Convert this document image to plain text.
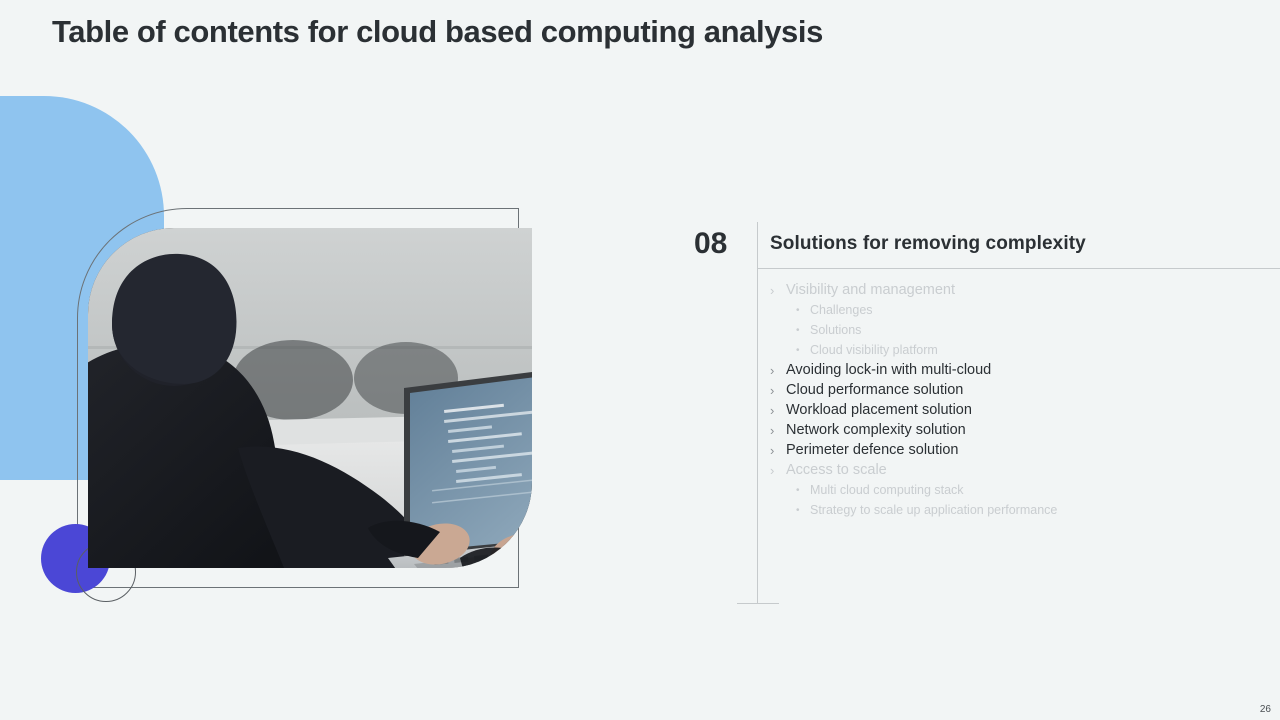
Table of contents for cloud based computing analysis
08 Solutions for removing complexity
› Visibility and management
• Challenges
• Solutions
• Cloud visibility platform
› Avoiding lock-in with multi-cloud
› Cloud performance solution
› Workload placement solution
› Network complexity solution
› Perimeter defence solution
› Access to scale
• Multi cloud computing stack
• Strategy to scale up application performance
26
